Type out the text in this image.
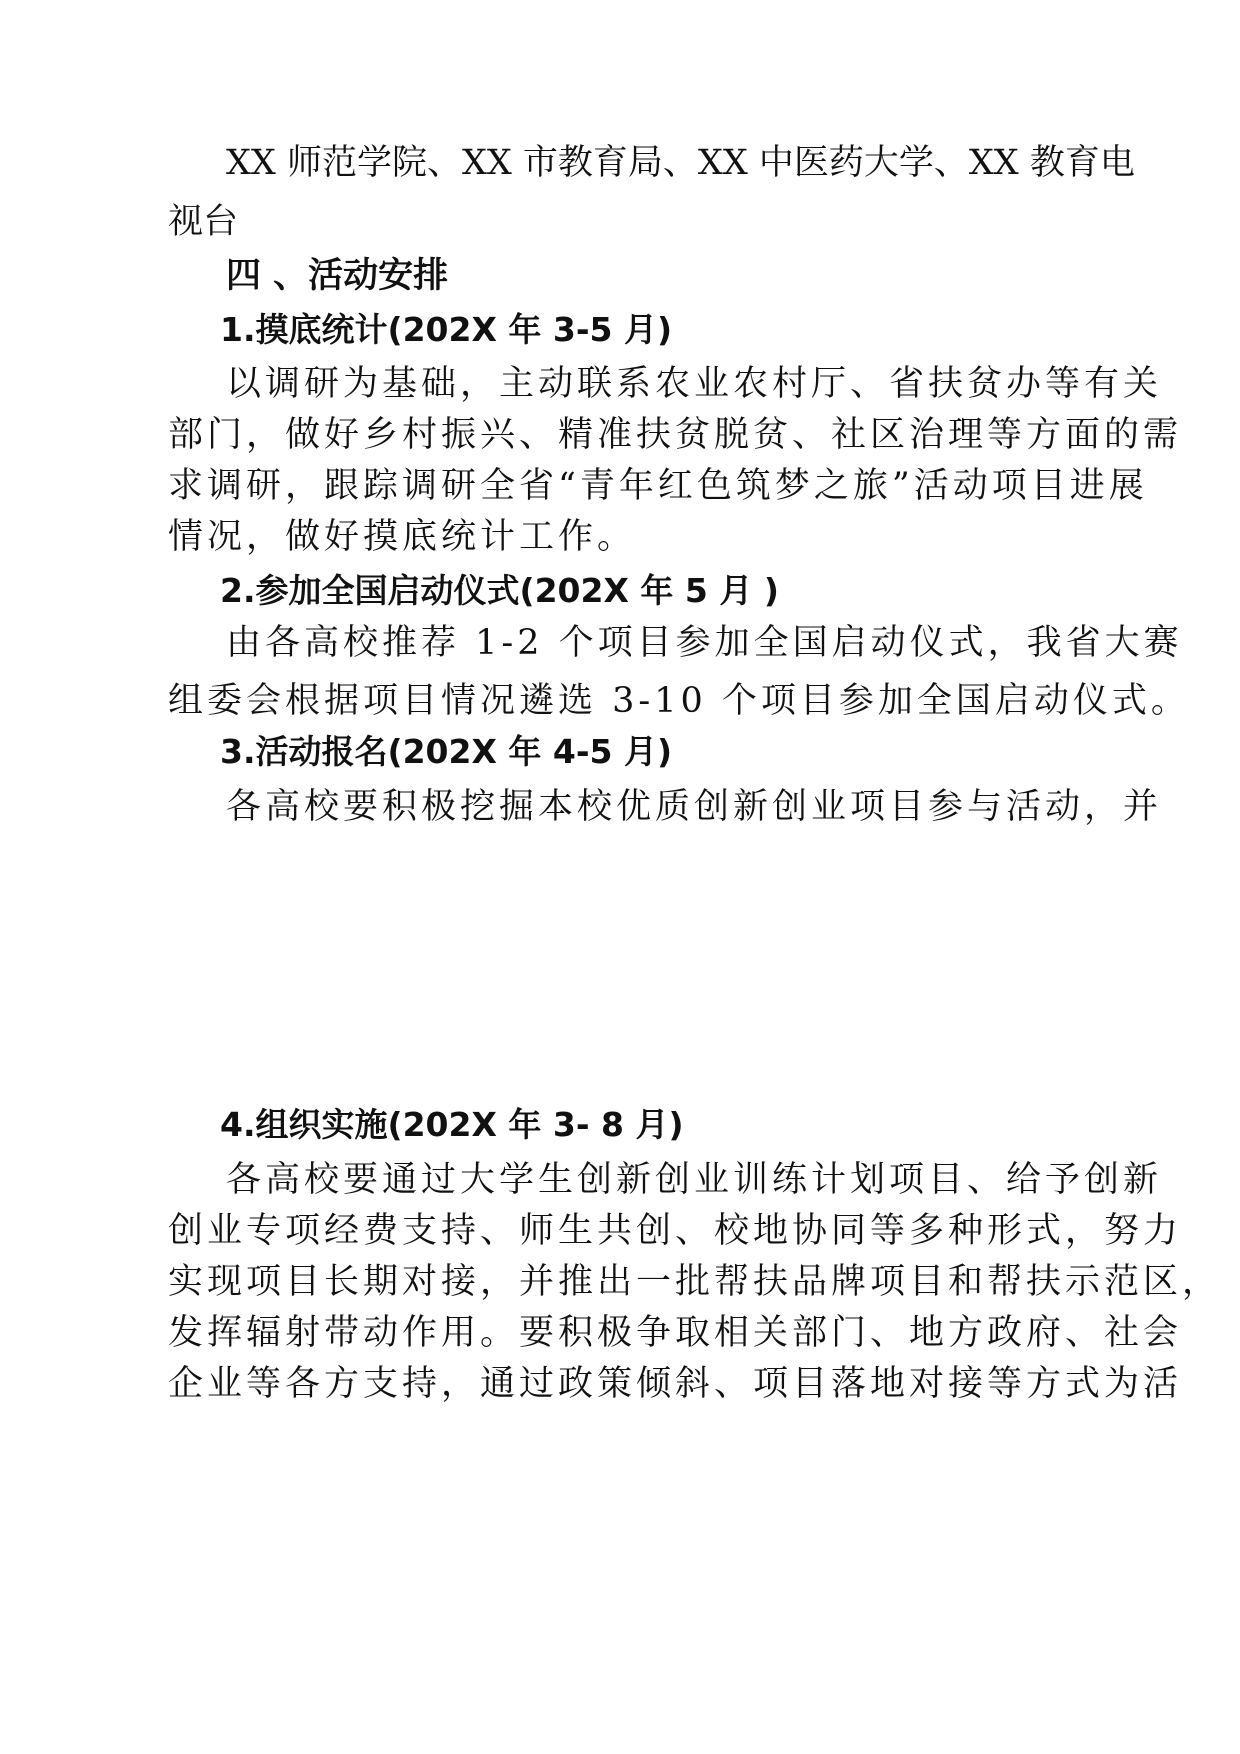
XX 师范学院、XX 市教育局、XX 中医药大学、XX 教育电
视台
四 、活动安排
1.摸底统计(202X 年 3-5 月)
以调研为基础，主动联系农业农村厅、省扶贫办等有关
部门，做好乡村振兴、精准扶贫脱贫、社区治理等方面的需
求调研，跟踪调研全省“青年红色筑梦之旅”活动项目进展
情况，做好摸底统计工作。
2.参加全国启动仪式(202X 年 5 月 )
由各高校推荐 1-2 个项目参加全国启动仪式，我省大赛
组委会根据项目情况遴选 3-10 个项目参加全国启动仪式。
3.活动报名(202X 年 4-5 月)
各高校要积极挖掘本校优质创新创业项目参与活动，并
4.组织实施(202X 年 3- 8 月)
各高校要通过大学生创新创业训练计划项目、给予创新
创业专项经费支持、师生共创、校地协同等多种形式，努力
实现项目长期对接，并推出一批帮扶品牌项目和帮扶示范区，
发挥辐射带动作用。要积极争取相关部门、地方政府、社会
企业等各方支持，通过政策倾斜、项目落地对接等方式为活
